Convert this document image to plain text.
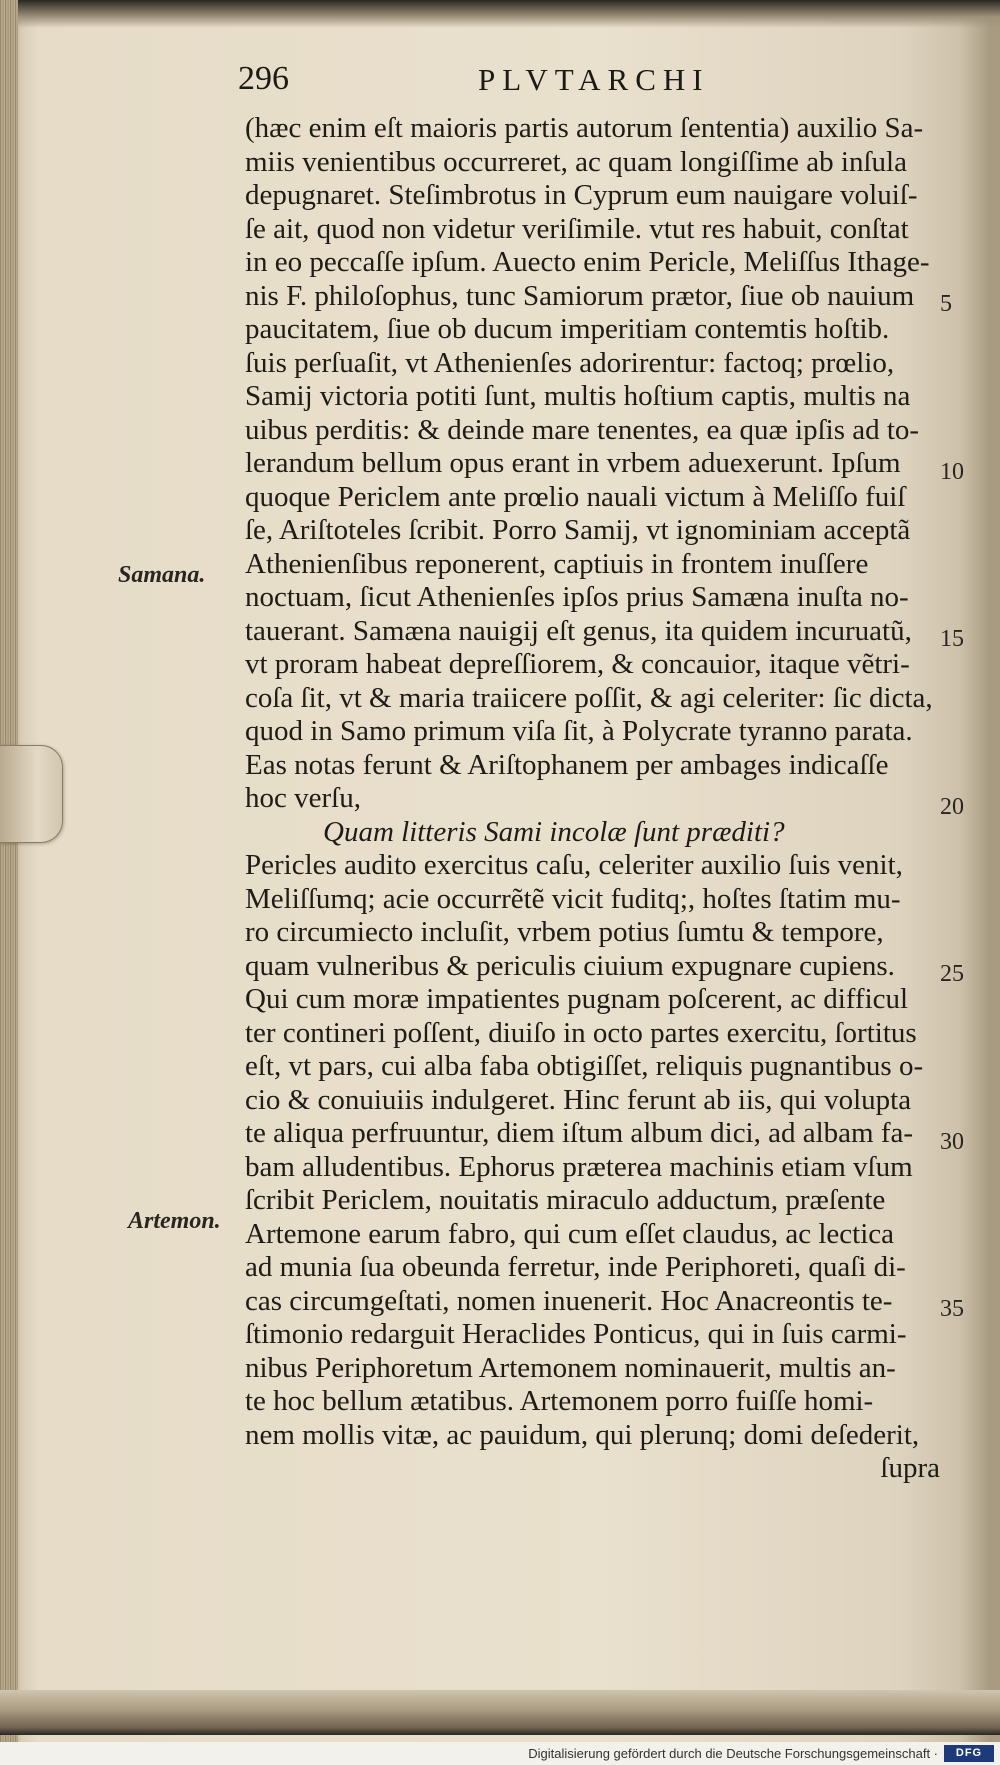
296	PLVTARCHI
(hæc enim eſt maioris partis autorum ſententia) auxilio Sa-
miis venientibus occurreret, ac quam longiſſime ab inſula
depugnaret. Steſimbrotus in Cyprum eum nauigare voluiſ-
ſe ait, quod non videtur veriſimile. vtut res habuit, conſtat
in eo peccaſſe ipſum. Auecto enim Pericle, Meliſſus Ithage-
nis F. philoſophus, tunc Samiorum prætor, ſiue ob nauium
paucitatem, ſiue ob ducum imperitiam contemtis hoſtib.
ſuis perſuaſit, vt Athenienſes adorirentur: factoq; prœlio,
Samij victoria potiti ſunt, multis hoſtium captis, multis na
uibus perditis: & deinde mare tenentes, ea quæ ipſis ad to-
lerandum bellum opus erant in vrbem aduexerunt. Ipſum
quoque Periclem ante prœlio nauali victum à Meliſſo fuiſ
ſe, Ariſtoteles ſcribit. Porro Samij, vt ignominiam acceptã
Athenienſibus reponerent, captiuis in frontem inuſſere
noctuam, ſicut Athenienſes ipſos prius Samæna inuſta no-
tauerant. Samæna nauigij eſt genus, ita quidem incuruatũ,
vt proram habeat depreſſiorem, & concauior, itaque vẽtri-
coſa ſit, vt & maria traiicere poſſit, & agi celeriter: ſic dicta,
quod in Samo primum viſa ſit, à Polycrate tyranno parata.
Eas notas ferunt & Ariſtophanem per ambages indicaſſe
hoc verſu,
Quam litteris Sami incolæ ſunt præditi?
Pericles audito exercitus caſu, celeriter auxilio ſuis venit,
Meliſſumq; acie occurrẽtẽ vicit fuditq;, hoſtes ſtatim mu-
ro circumiecto incluſit, vrbem potius ſumtu & tempore,
quam vulneribus & periculis ciuium expugnare cupiens.
Qui cum moræ impatientes pugnam poſcerent, ac difficul
ter contineri poſſent, diuiſo in octo partes exercitu, ſortitus
eſt, vt pars, cui alba faba obtigiſſet, reliquis pugnantibus o-
cio & conuiuiis indulgeret. Hinc ferunt ab iis, qui volupta
te aliqua perfruuntur, diem iſtum album dici, ad albam fa-
bam alludentibus. Ephorus præterea machinis etiam vſum
ſcribit Periclem, nouitatis miraculo adductum, præſente
Artemone earum fabro, qui cum eſſet claudus, ac lectica
ad munia ſua obeunda ferretur, inde Periphoreti, quaſi di-
cas circumgeſtati, nomen inuenerit. Hoc Anacreontis te-
ſtimonio redarguit Heraclides Ponticus, qui in ſuis carmi-
nibus Periphoretum Artemonem nominauerit, multis an-
te hoc bellum ætatibus. Artemonem porro fuiſſe homi-
nem mollis vitæ, ac pauidum, qui plerunq; domi deſederit,
ſupra
Samana.
Artemon.
5
10
15
20
25
30
35
Digitalisierung gefördert durch die Deutsche Forschungsgemeinschaft ·	DFG
